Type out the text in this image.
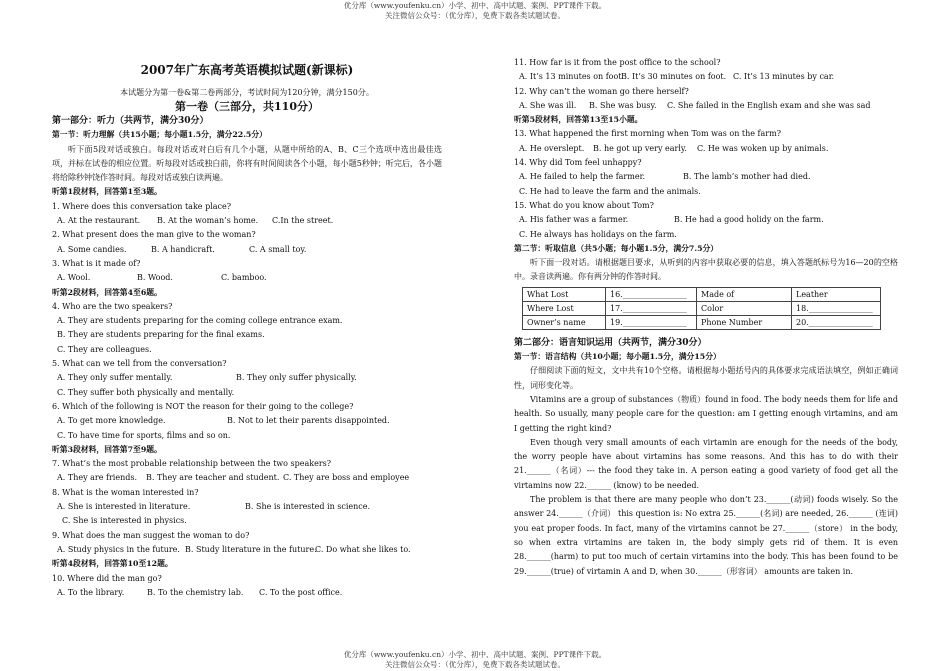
优分库（www.youfenku.cn）小学、初中、高中试题、案例、PPT课件下载。
关注微信公众号：（优分库），免费下载各类试题试卷。
2007年广东高考英语模拟试题(新课标)
本试题分为第一卷&第二卷两部分，考试时间为120分钟，满分150分。
第一卷（三部分，共110分）
第一部分：听力（共两节，满分30分）
第一节：听力理解（共15小题；每小题1.5分，满分22.5分）
听下面5段对话或独白。每段对话或对白后有几个小题，从题中所给的A、B、C三个选项中选出最佳选项，并标在试卷的相应位置。听每段对话或独白前，你将有时间阅读各个小题，每小题5秒钟；听完后，各小题将给除秒钟饶作答时间。每段对话或独白读两遍。
听第1段材料，回答第1至3题。
1. Where does this conversation take place?
A. At the restaurant. B. At the woman’s home. C.In the street.
2. What present does the man give to the woman?
A. Some candies.	B. A handicraft.	C. A small toy.
3. What is it made of?
A. Wool.	B. Wood.	C. bamboo.
听第2段材料，回答第4至6题。
4. Who are the two speakers?
A. They are students preparing for the coming college entrance exam.
B. They are students preparing for the final exams.
C. They are colleagues.
5. What can we tell from the conversation?
A. They only suffer mentally.	B. They only suffer physically.
C. They suffer both physically and mentally.
6. Which of the following is NOT the reason for their going to the college?
A. To get more knowledge.	B. Not to let their parents disappointed.
C. To have time for sports, films and so on.
听第3段材料，回答第7至9题。
7. What’s the most probable relationship between the two speakers?
A. They are friends. B. They are teacher and student. C. They are boss and employee
8. What is the woman interested in?
A. She is interested in literature.	B. She is interested in science.
C. She is interested in physics.
9. What does the man suggest the woman to do?
A. Study physics in the future. B. Study literature in the future.C. Do what she likes to.
听第4段材料，回答第10至12题。
10. Where did the man go?
A. To the library.	B. To the chemistry lab. C. To the post office.
11. How far is it from the post office to the school?
A. It’s 13 minutes on foot.B. It’s 30 minutes on foot. C. It’s 13 minutes by car.
12. Why can’t the woman go there herself?
A. She was ill. B. She was busy. C. She failed in the English exam and she was sad
听第5段材料，回答第13至15小题。
13. What happened the first morning when Tom was on the farm?
A. He overslept. B. he got up very early. C. He was woken up by animals.
14. Why did Tom feel unhappy?
A. He failed to help the farmer.	B. The lamb’s mother had died.
C. He had to leave the farm and the animals.
15. What do you know about Tom?
A. His father was a farmer.	B. He had a good holidy on the farm.
C. He always has holidays on the farm.
第二节：听取信息（共5小题；每小题1.5分，满分7.5分）
听下面一段对话。请根据题目要求，从听到的内容中获取必要的信息，填入答题纸标号为16—20的空格中。录音读两遍。你有两分钟的作答时间。
What Lost	16.________________	Made of	Leather
Where Lost	17.________________	Color	18.________________
Owner’s name	19.________________	Phone Number	20.________________
第二部分：语言知识运用（共两节，满分30分）
第一节：语言结构（共10小题；每小题1.5分，满分15分）
仔细阅读下面的短文，文中共有10个空格。请根据每小题括号内的具体要求完成语法填空，例如正确词性，词形变化等。
Vitamins are a group of substances（物质）found in food. The body needs them for life and health. So usually, many people care for the question: am I getting enough virtamins, and am I getting the right kind?
Even though very small amounts of each virtamin are enough for the needs of the body, the worry people have about virtamins has some reasons. And this has to do with their 21.______（名词）--- the food they take in. A person eating a good variety of food get all the virtamins now 22.______ (know) to be needed.
The problem is that there are many people who don’t 23.______(动词) foods wisely. So the answer 24.______（介词） this question is: No extra 25.______(名词) are needed, 26.______ (连词) you eat proper foods. In fact, many of the virtamins cannot be 27.______（store） in the body, so when extra virtamins are taken in, the body simply gets rid of them. It is even 28.______(harm) to put too much of certain virtamins into the body. This has been found to be 29.______(true) of virtamin A and D, when 30.______（形容词） amounts are taken in.
优分库（www.youfenku.cn）小学、初中、高中试题、案例、PPT课件下载。
关注微信公众号：（优分库），免费下载各类试题试卷。
